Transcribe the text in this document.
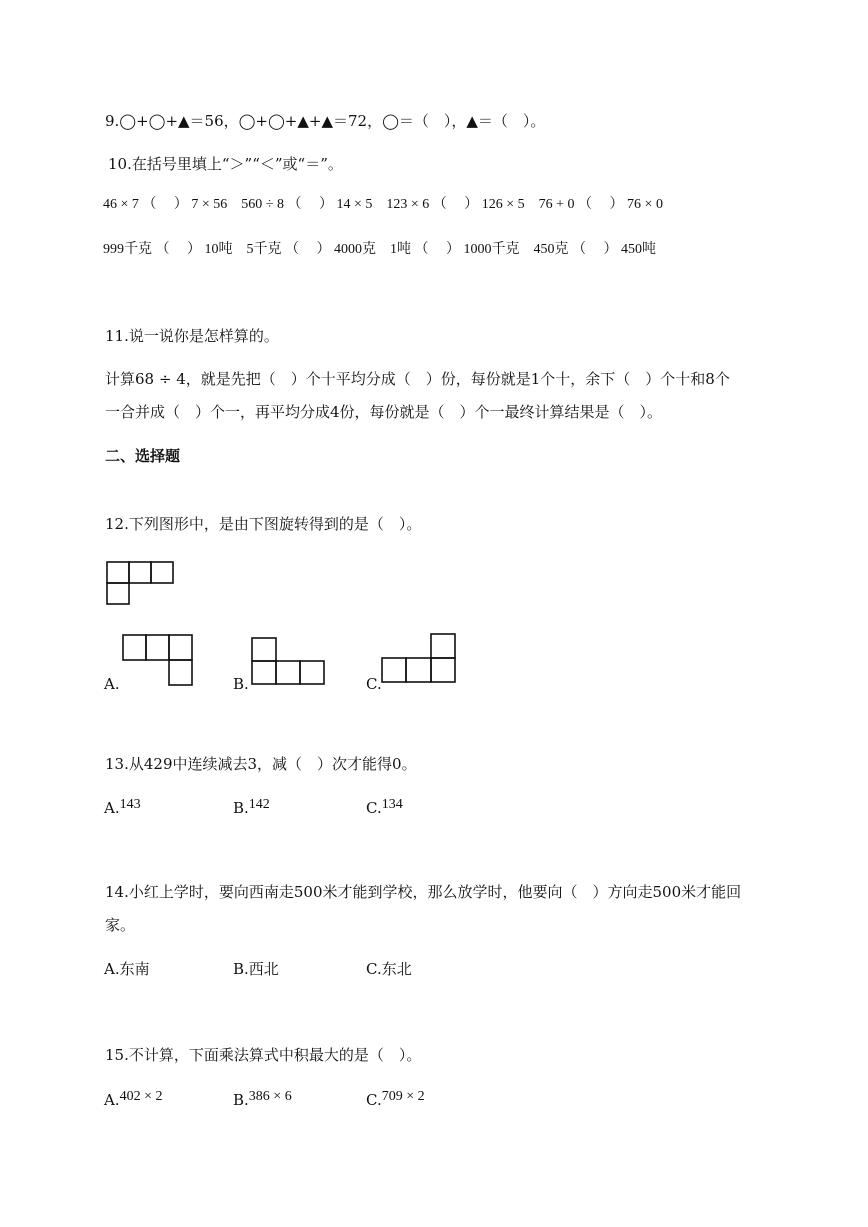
9.◯+◯+▲＝56，◯+◯+▲+▲＝72，◯＝（　），▲＝（　）。
10.在括号里填上“＞”“＜”或“＝”。
46 × 7 （　 ） 7 × 56　560 ÷ 8 （　 ） 14 × 5　123 × 6 （　 ） 126 × 5　76 + 0 （　 ） 76 × 0
999千克 （　 ） 10吨　5千克 （　 ） 4000克　1吨 （　 ） 1000千克　450克 （　 ） 450吨
11.说一说你是怎样算的。
计算68 ÷ 4，就是先把（　）个十平均分成（　）份，每份就是1个十，余下（　）个十和8个
一合并成（　）个一，再平均分成4份，每份就是（　）个一最终计算结果是（　）。
二、选择题
12.下列图形中，是由下图旋转得到的是（　）。
A.	B.	C.
13.从429中连续减去3，减（　）次才能得0。
A.143	B.142	C.134
14.小红上学时，要向西南走500米才能到学校，那么放学时，他要向（　）方向走500米才能回
家。
A.东南	B.西北	C.东北
15.不计算，下面乘法算式中积最大的是（　）。
A.402 × 2	B.386 × 6	C.709 × 2
